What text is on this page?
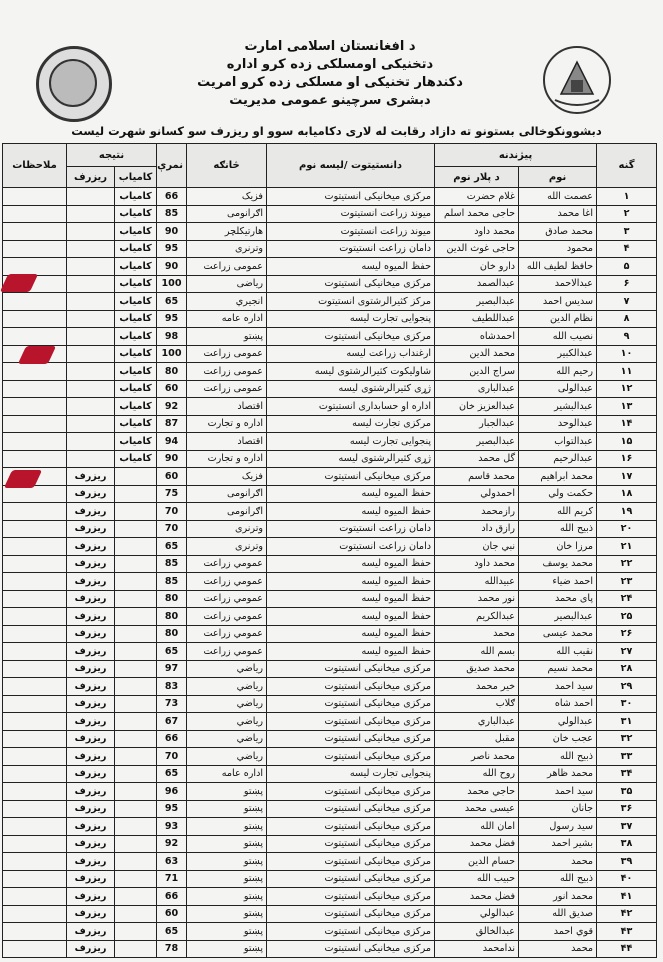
د افغانستان اسلامی امارت
دتخنیکی اومسلکی زده کرو اداره
دکندهار تخنیکی او مسلکی زده کرو امریت
دبشری سرچینو عمومی مدیریت
دبشوونکوخالی بستونو ته دازاد رقابت له لاری دکامیابه سوو او ریزرف سو کسانو شهرت لیست
گنه	پیژندنه		دانستیتوت /لیسه نوم	څانګه	نمرې	نتیجه		ملاحظات
	نوم	د پلار نوم				کامیاب	ریزرف	
۱	عصمت الله	غلام حضرت	مرکزی میخانیکی انستیتوت	فزیک	66	کامیاب		
۲	اغا محمد	حاجی محمد اسلم	میوند زراعت انستیتوت	اګرانومی	85	کامیاب		
۳	محمد صادق	محمد داود	میوند زراعت انستیتوت	هارتیکلچر	90	کامیاب		
۴	محمود	حاجی غوث الدین	دامان زراعت انستیتوت	وترنری	95	کامیاب		
۵	حافظ لطیف الله	دارو خان	حفظ المیوه لیسه	عمومی زراعت	90	کامیاب		
۶	عبدالاحمد	عبدالصمد	مرکزی میخانیکی انستیتوت	ریاضی	100	کامیاب		
۷	سدیس احمد	عبدالبصیر	مرکز کثیرالرشتوی انستیتوت	انجیري	65	کامیاب		
۸	نظام الدین	عبداللطیف	پنجوایی تجارت لیسه	اداره عامه	95	کامیاب		
۹	نصیب الله	احمدشاه	مرکزی میخانیکی انستیتوت	پښتو	98	کامیاب		
۱۰	عبدالکبیر	محمد الدین	ارغنداب زراعت لیسه	عمومی زراعت	100	کامیاب		
۱۱	رحیم الله	سراج الدین	شاولیکوت کثیرالرشتوی لیسه	عمومی زراعت	80	کامیاب		
۱۲	عبدالولی	عبدالباری	ژړی کثیرالرشتوی لیسه	عمومی زراعت	60	کامیاب		
۱۳	عبدالبشیر	عبدالعزیز خان	اداره او حسابداری انستیتوت	اقتصاد	92	کامیاب		
۱۴	عبدالوحد	عبدالجبار	مرکزی تجارت لیسه	اداره و تجارت	87	کامیاب		
۱۵	عبدالتواب	عبدالبصیر	پنجوایی تجارت لیسه	اقتصاد	94	کامیاب		
۱۶	عبدالرحیم	گل محمد	ژړی کثیرالرشتوی لیسه	اداره و تجارت	90	کامیاب		
۱۷	محمد ابراهیم	محمد قاسم	مرکزی میخانیکی انستیتوت	فزیک	60		ریزرف	
۱۸	حکمت ولي	احمدولي	حفظ المیوه لیسه	اګرانومی	75		ریزرف	
۱۹	کریم الله	رازمحمد	حفظ المیوه لیسه	اګرانومی	70		ریزرف	
۲۰	ذبیح الله	رازق داد	دامان زراعت انستیتوت	وترنری	70		ریزرف	
۲۱	مرزا خان	نبي جان	دامان زراعت انستیتوت	وترنری	65		ریزرف	
۲۲	محمد یوسف	محمد داود	حفظ المیوه لیسه	عمومي زراعت	85		ریزرف	
۲۳	احمد ضیاء	عبیدالله	حفظ المیوه لیسه	عمومي زراعت	85		ریزرف	
۲۴	پای محمد	نور محمد	حفظ المیوه لیسه	عمومي زراعت	80		ریزرف	
۲۵	عبدالبصیر	عبدالکریم	حفظ المیوه لیسه	عمومي زراعت	80		ریزرف	
۲۶	محمد عیسی	محمد	حفظ المیوه لیسه	عمومي زراعت	80		ریزرف	
۲۷	نقیب الله	بسم الله	حفظ المیوه لیسه	عمومي زراعت	65		ریزرف	
۲۸	محمد نسیم	محمد صدیق	مرکزی میخانیکی انستیتوت	ریاضي	97		ریزرف	
۲۹	سید احمد	خیر محمد	مرکزی میخانیکی انستیتوت	ریاضي	83		ریزرف	
۳۰	احمد شاه	ګلاب	مرکزی میخانیکی انستیتوت	ریاضي	73		ریزرف	
۳۱	عبدالولي	عبدالباري	مرکزی میخانیکی انستیتوت	ریاضي	67		ریزرف	
۳۲	عجب خان	مقبل	مرکزی میخانیکی انستیتوت	ریاضي	66		ریزرف	
۳۳	ذبیح الله	محمد ناصر	مرکزی میخانیکی انستیتوت	ریاضي	70		ریزرف	
۳۴	محمد ظاهر	روح الله	پنجوایی تجارت لیسه	اداره عامه	65		ریزرف	
۳۵	سید احمد	حاجي محمد	مرکزی میخانیکی انستیتوت	پښتو	96		ریزرف	
۳۶	جانان	عیسی محمد	مرکزی میخانیکی انستیتوت	پښتو	95		ریزرف	
۳۷	سید رسول	امان الله	مرکزی میخانیکی انستیتوت	پښتو	93		ریزرف	
۳۸	بشیر احمد	فضل محمد	مرکزی میخانیکی انستیتوت	پښتو	92		ریزرف	
۳۹	محمد	حسام الدین	مرکزی میخانیکی انستیتوت	پښتو	63		ریزرف	
۴۰	ذبیح الله	حبیب الله	مرکزی میخانیکی انستیتوت	پښتو	71		ریزرف	
۴۱	محمد انور	فضل محمد	مرکزی میخانیکی انستیتوت	پښتو	66		ریزرف	
۴۲	صدیق الله	عبدالولي	مرکزی میخانیکی انستیتوت	پښتو	60		ریزرف	
۴۳	قوي احمد	عبدالخالق	مرکزی میخانیکی انستیتوت	پښتو	65		ریزرف	
۴۴	محمد	ندامحمد	مرکزی میخانیکی انستیتوت	پښتو	78		ریزرف	
